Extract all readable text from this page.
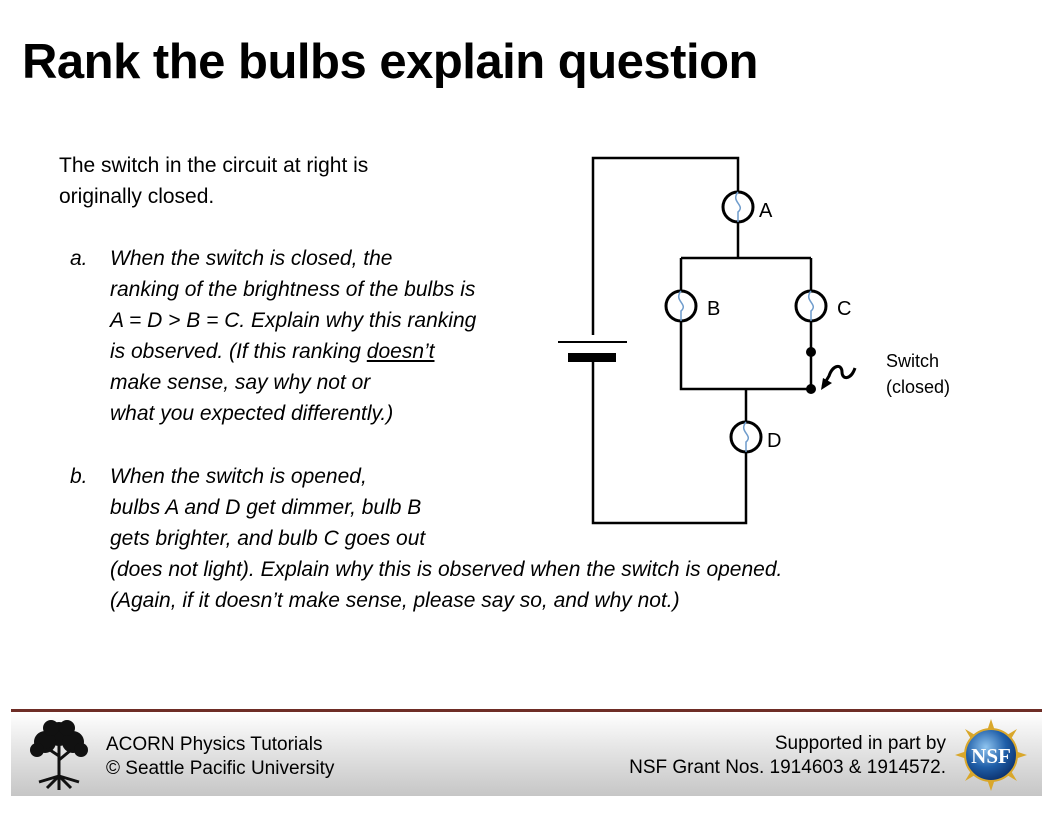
Rank the bulbs explain question
The switch in the circuit at right is
originally closed.
a. When the switch is closed, the
ranking of the brightness of the bulbs is
A = D > B = C. Explain why this ranking
is observed. (If this ranking doesn’t
make sense, say why not or
what you expected differently.)
b. When the switch is opened,
bulbs A and D get dimmer, bulb B
gets brighter, and bulb C goes out
(does not light). Explain why this is observed when the switch is opened.
(Again, if it doesn’t make sense, please say so, and why not.)
A
B	C
D
Switch
(closed)
ACORN Physics Tutorials
© Seattle Pacific University
Supported in part by
NSF Grant Nos. 1914603 & 1914572. NSF
